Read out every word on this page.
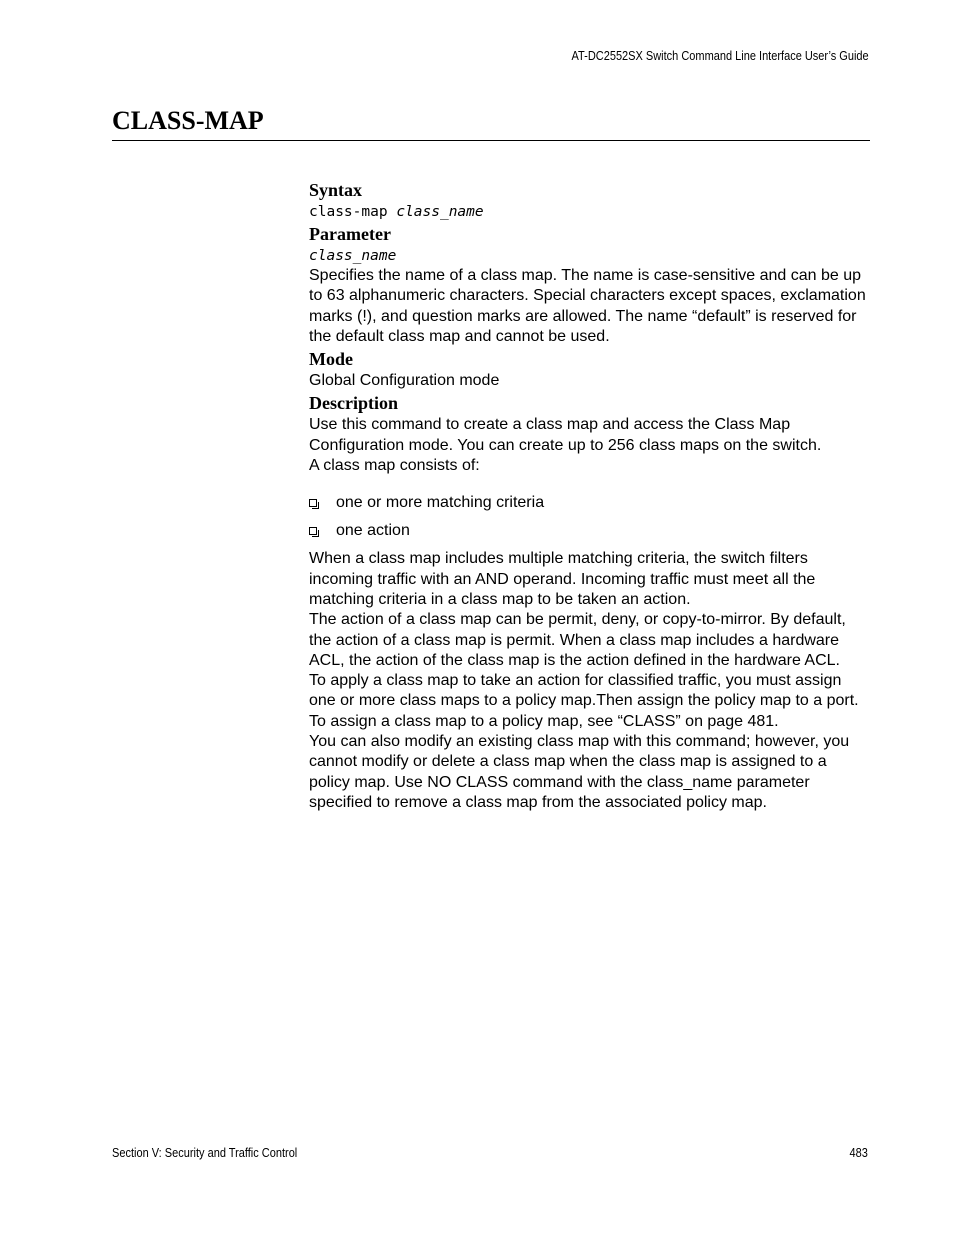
AT-DC2552SX Switch Command Line Interface User’s Guide
CLASS-MAP
Syntax

class-map class_name

Parameter

class_name

Specifies the name of a class map. The name is case-sensitive and can be up to 63 alphanumeric characters. Special characters except spaces, exclamation marks (!), and question marks are allowed. The name “default” is reserved for the default class map and cannot be used.

Mode

Global Configuration mode

Description

Use this command to create a class map and access the Class Map Configuration mode. You can create up to 256 class maps on the switch.

A class map consists of:

one or more matching criteria
one action

When a class map includes multiple matching criteria, the switch filters incoming traffic with an AND operand. Incoming traffic must meet all the matching criteria in a class map to be taken an action.

The action of a class map can be permit, deny, or copy-to-mirror. By default, the action of a class map is permit. When a class map includes a hardware ACL, the action of the class map is the action defined in the hardware ACL.

To apply a class map to take an action for classified traffic, you must assign one or more class maps to a policy map.Then assign the policy map to a port. To assign a class map to a policy map, see “CLASS” on page 481.

You can also modify an existing class map with this command; however, you cannot modify or delete a class map when the class map is assigned to a policy map. Use NO CLASS command with the class_name parameter specified to remove a class map from the associated policy map.

Section V: Security and Traffic Control	483
